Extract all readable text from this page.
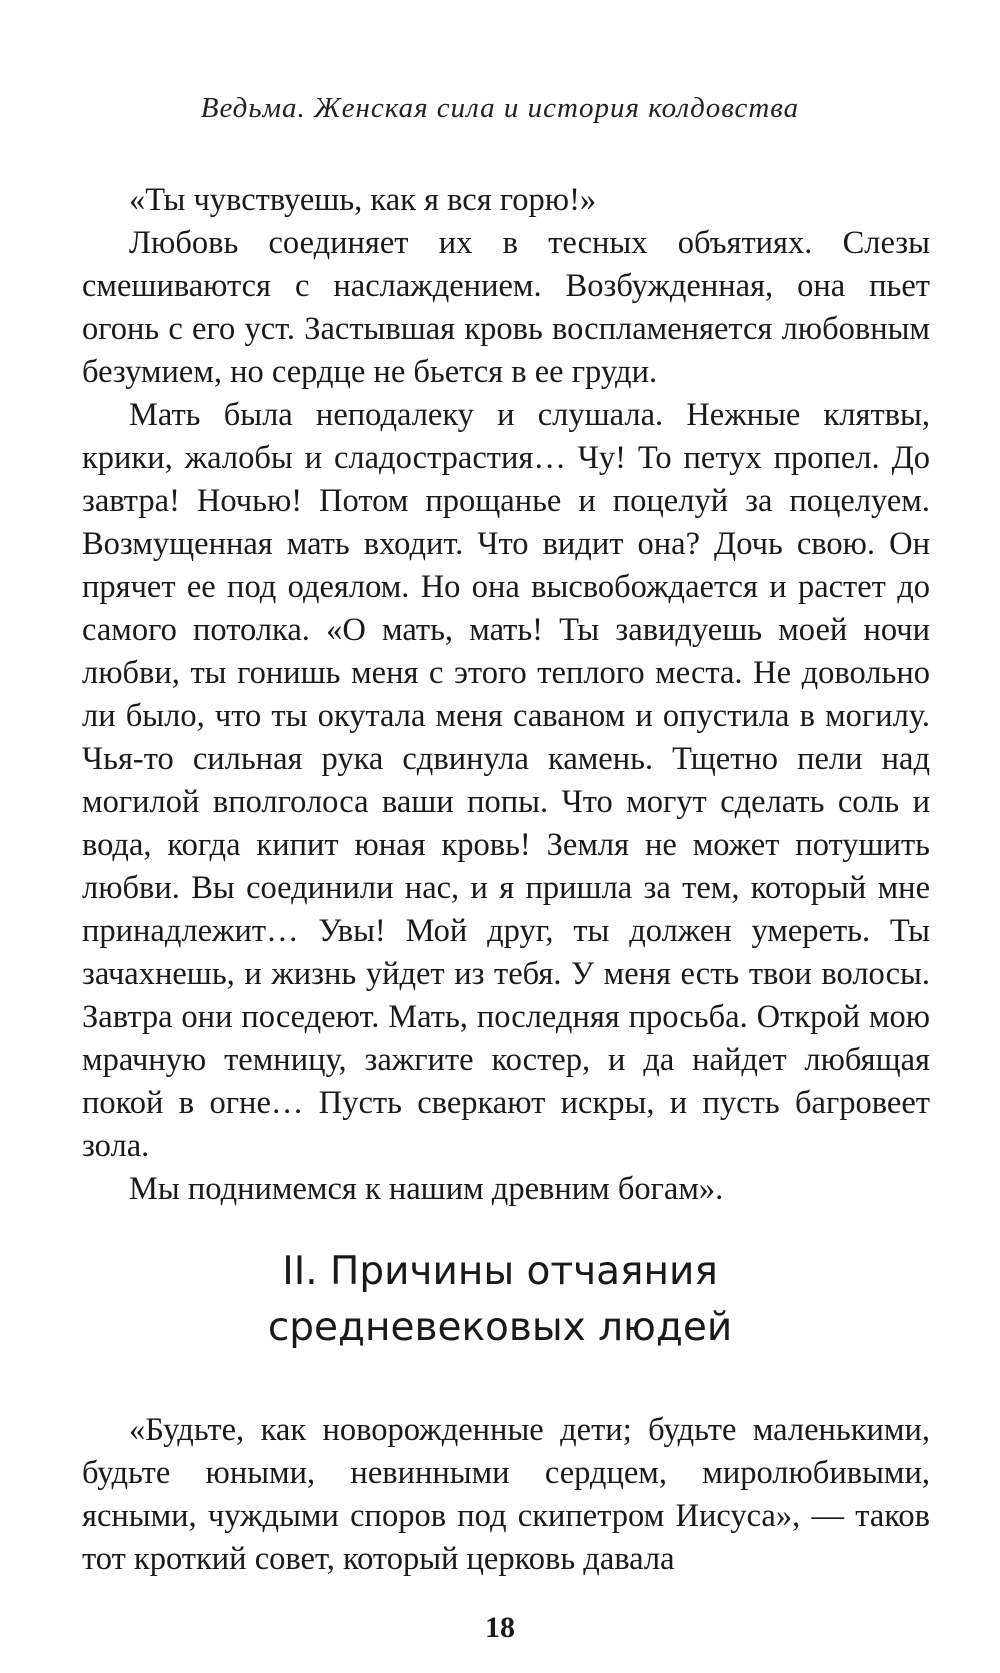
Ведьма. Женская сила и история колдовства

«Ты чувствуешь, как я вся горю!»

Любовь соединяет их в тесных объятиях. Слезы смешиваются с наслаждением. Возбужденная, она пьет огонь с его уст. Застывшая кровь воспламеняется любовным безумием, но сердце не бьется в ее груди.

Мать была неподалеку и слушала. Нежные клятвы, крики, жалобы и сладострастия… Чу! То петух пропел. До завтра! Ночью! Потом прощанье и поцелуй за поцелуем. Возмущенная мать входит. Что видит она? Дочь свою. Он прячет ее под одеялом. Но она высвобождается и растет до самого потолка. «О мать, мать! Ты завидуешь моей ночи любви, ты гонишь меня с этого теплого места. Не довольно ли было, что ты окутала меня саваном и опустила в могилу. Чья-то сильная рука сдвинула камень. Тщетно пели над могилой вполголоса ваши попы. Что могут сделать соль и вода, когда кипит юная кровь! Земля не может потушить любви. Вы соединили нас, и я пришла за тем, который мне принадлежит… Увы! Мой друг, ты должен умереть. Ты зачахнешь, и жизнь уйдет из тебя. У меня есть твои волосы. Завтра они поседеют. Мать, последняя просьба. Открой мою мрачную темницу, зажгите костер, и да найдет любящая покой в огне… Пусть сверкают искры, и пусть багровеет зола.

Мы поднимемся к нашим древним богам».

II. Причины отчаяния
средневековых людей

«Будьте, как новорожденные дети; будьте маленькими, будьте юными, невинными сердцем, миролюбивыми, ясными, чуждыми споров под скипетром Иисуса», — таков тот кроткий совет, который церковь давала

18
